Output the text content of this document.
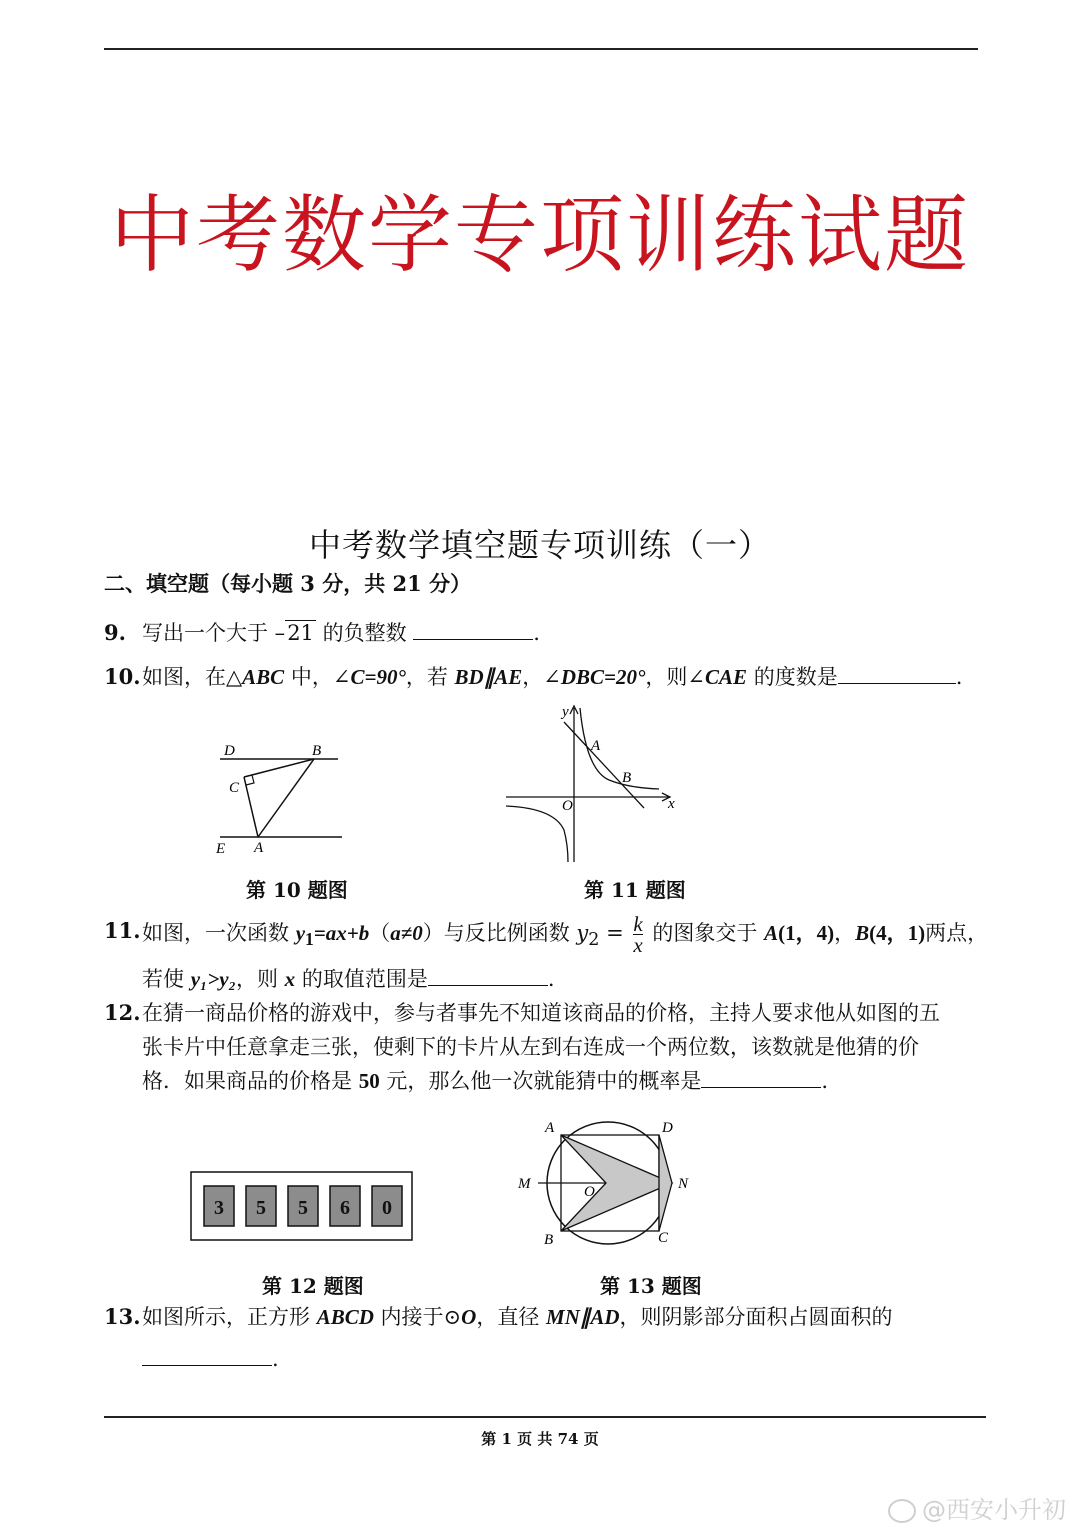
中考数学专项训练试题
中考数学填空题专项训练（一）
二、填空题（每小题 3 分，共 21 分）
9. 写出一个大于 –21 的负整数	.
10. 如图，在△ABC 中，∠C=90°，若 BD∥AE，∠DBC=20°，则∠CAE 的度数是	.
D	B
C
E A
第 10 题图
y
x
O
A
B
第 11 题图
11. 如图，一次函数 $y_1=ax+b(a\ne 0)$与反比例函数 $y_2 = \frac{k}{x}$ 的图象交于 A(1，4)，B(4，1)两点，
若使 y₁>y₂，则 x 的取值范围是	.
12. 在猜一商品价格的游戏中，参与者事先不知道该商品的价格，主持人要求他从如图的五
张卡片中任意拿走三张，使剩下的卡片从左到右连成一个两位数，该数就是他猜的价
格．如果商品的价格是 50 元，那么他一次就能猜中的概率是	.
3 5 5 6 0
第 12 题图
A	D
M	N
O
B	C
第 13 题图
13. 如图所示，正方形 ABCD 内接于⊙O，直径 MN∥AD，则阴影部分面积占圆面积的
.
第 1 页 共 74 页
@西安小升初
